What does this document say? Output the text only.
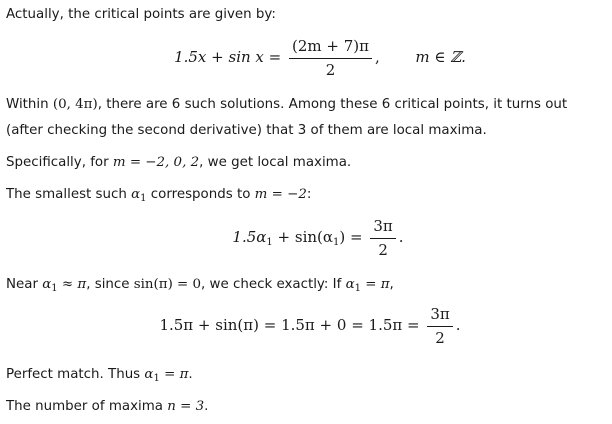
Actually, the critical points are given by:

$1.5x + \sin x = \frac{(2m + 7)\pi}{2}$ , m ∈ ℤ.

Within (0, 4π), there are 6 such solutions. Among these 6 critical points, it turns out (after checking the second derivative) that 3 of them are local maxima.

Specifically, for m = −2, 0, 2, we get local maxima.

The smallest such $\alpha_1$ corresponds to m = −2:

$1.5\alpha_1 + \sin(\alpha_1) = \frac{3\pi}{2}$ .

Near $\alpha_1 \approx \pi$, since sin(π) = 0, we check exactly: If $\alpha_1 = \pi$,

$1.5\pi + \sin(\pi) = 1.5\pi + 0 = 1.5\pi = \frac{3\pi}{2}$ .

Perfect match. Thus $\alpha_1 = \pi$.

The number of maxima n = 3.
